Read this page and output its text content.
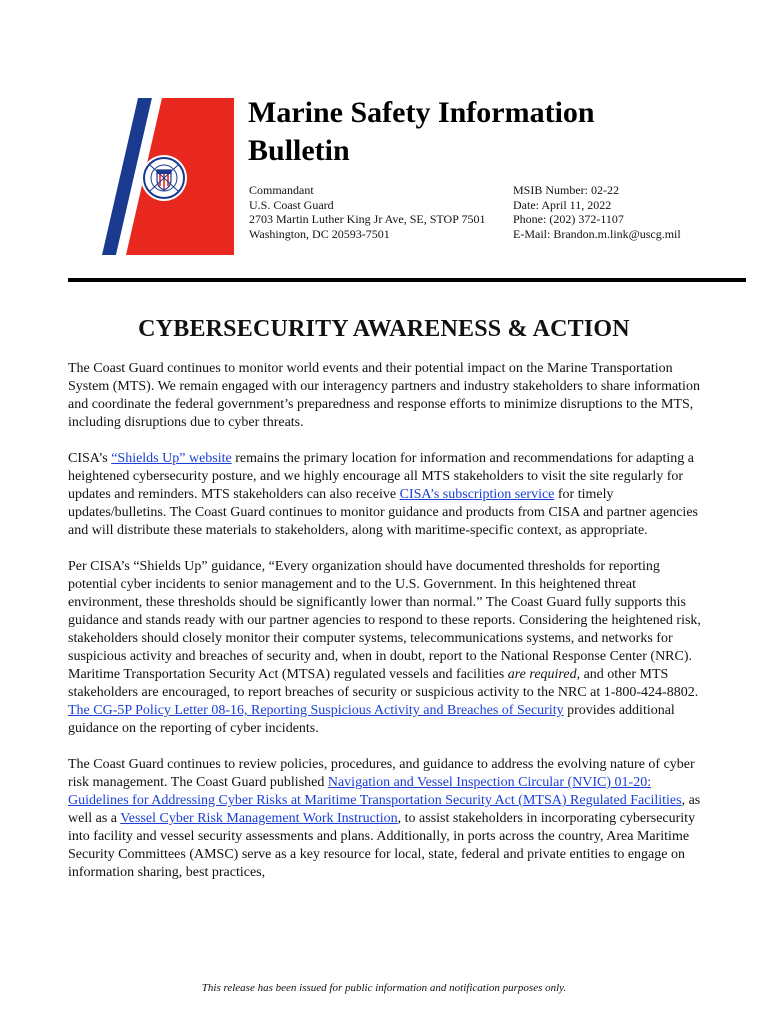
Marine Safety Information
Bulletin
Commandant
U.S. Coast Guard
2703 Martin Luther King Jr Ave, SE, STOP 7501
Washington, DC 20593-7501
MSIB Number: 02-22
Date: April 11, 2022
Phone: (202) 372-1107
E-Mail: Brandon.m.link@uscg.mil
CYBERSECURITY AWARENESS & ACTION

The Coast Guard continues to monitor world events and their potential impact on the Marine Transportation System (MTS). We remain engaged with our interagency partners and industry stakeholders to share information and coordinate the federal government’s preparedness and response efforts to minimize disruptions to the MTS, including disruptions due to cyber threats.

CISA’s “Shields Up” website remains the primary location for information and recommendations for adapting a heightened cybersecurity posture, and we highly encourage all MTS stakeholders to visit the site regularly for updates and reminders. MTS stakeholders can also receive CISA’s subscription service for timely updates/bulletins. The Coast Guard continues to monitor guidance and products from CISA and partner agencies and will distribute these materials to stakeholders, along with maritime-specific context, as appropriate.

Per CISA’s “Shields Up” guidance, “Every organization should have documented thresholds for reporting potential cyber incidents to senior management and to the U.S. Government. In this heightened threat environment, these thresholds should be significantly lower than normal.” The Coast Guard fully supports this guidance and stands ready with our partner agencies to respond to these reports. Considering the heightened risk, stakeholders should closely monitor their computer systems, telecommunications systems, and networks for suspicious activity and breaches of security and, when in doubt, report to the National Response Center (NRC). Maritime Transportation Security Act (MTSA) regulated vessels and facilities are required, and other MTS stakeholders are encouraged, to report breaches of security or suspicious activity to the NRC at 1-800-424-8802. The CG-5P Policy Letter 08-16, Reporting Suspicious Activity and Breaches of Security provides additional guidance on the reporting of cyber incidents.

The Coast Guard continues to review policies, procedures, and guidance to address the evolving nature of cyber risk management. The Coast Guard published Navigation and Vessel Inspection Circular (NVIC) 01-20: Guidelines for Addressing Cyber Risks at Maritime Transportation Security Act (MTSA) Regulated Facilities, as well as a Vessel Cyber Risk Management Work Instruction, to assist stakeholders in incorporating cybersecurity into facility and vessel security assessments and plans. Additionally, in ports across the country, Area Maritime Security Committees (AMSC) serve as a key resource for local, state, federal and private entities to engage on information sharing, best practices,

This release has been issued for public information and notification purposes only.
